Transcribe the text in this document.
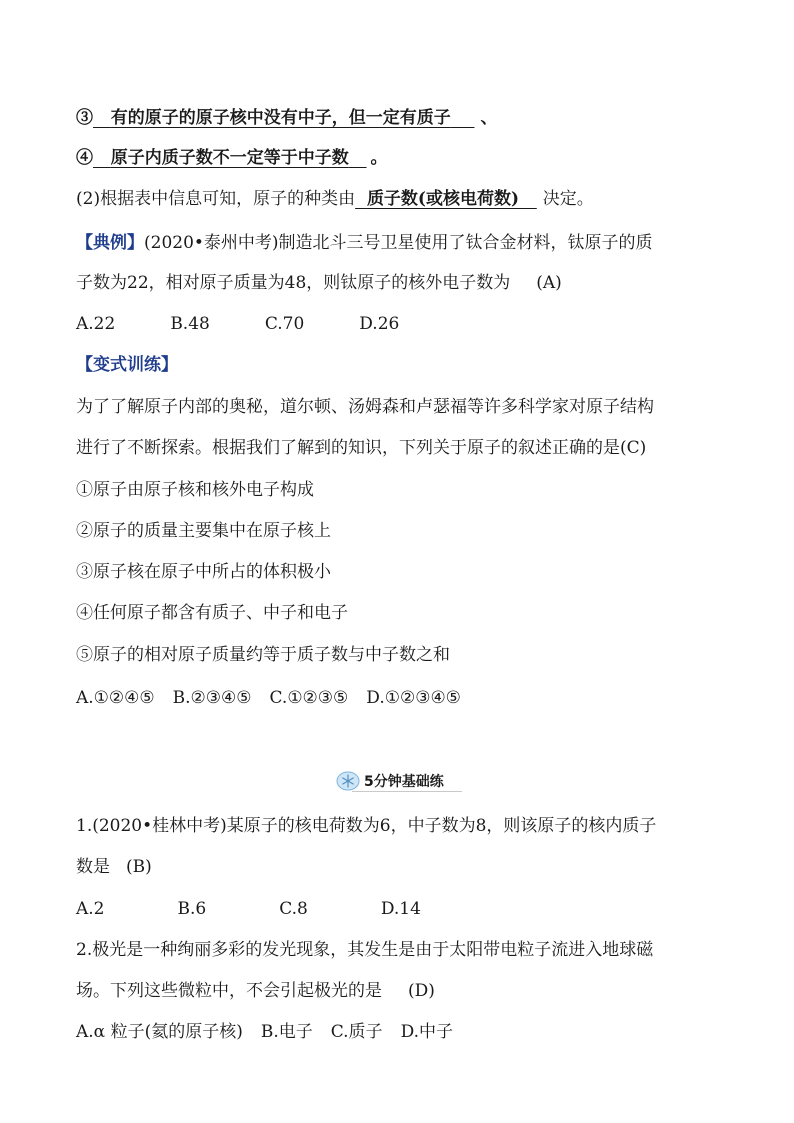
③ 有的原子的原子核中没有中子，但一定有质子 、
④ 原子内质子数不一定等于中子数 。
(2)根据表中信息可知，原子的种类由 质子数(或核电荷数) 决定。
【典例】(2020•泰州中考)制造北斗三号卫星使用了钛合金材料，钛原子的质
子数为22，相对原子质量为48，则钛原子的核外电子数为 (A)
A.22	B.48	C.70	D.26
【变式训练】
为了了解原子内部的奥秘，道尔顿、汤姆森和卢瑟福等许多科学家对原子结构
进行了不断探索。根据我们了解到的知识，下列关于原子的叙述正确的是(C)
①原子由原子核和核外电子构成
②原子的质量主要集中在原子核上
③原子核在原子中所占的体积极小
④任何原子都含有质子、中子和电子
⑤原子的相对原子质量约等于质子数与中子数之和
A.①②④⑤ B.②③④⑤ C.①②③⑤ D.①②③④⑤
5分钟基础练
1.(2020•桂林中考)某原子的核电荷数为6，中子数为8，则该原子的核内质子
数是 (B)
A.2	B.6	C.8	D.14
2.极光是一种绚丽多彩的发光现象，其发生是由于太阳带电粒子流进入地球磁
场。下列这些微粒中，不会引起极光的是 (D)
A.α 粒子(氦的原子核) B.电子 C.质子 D.中子
